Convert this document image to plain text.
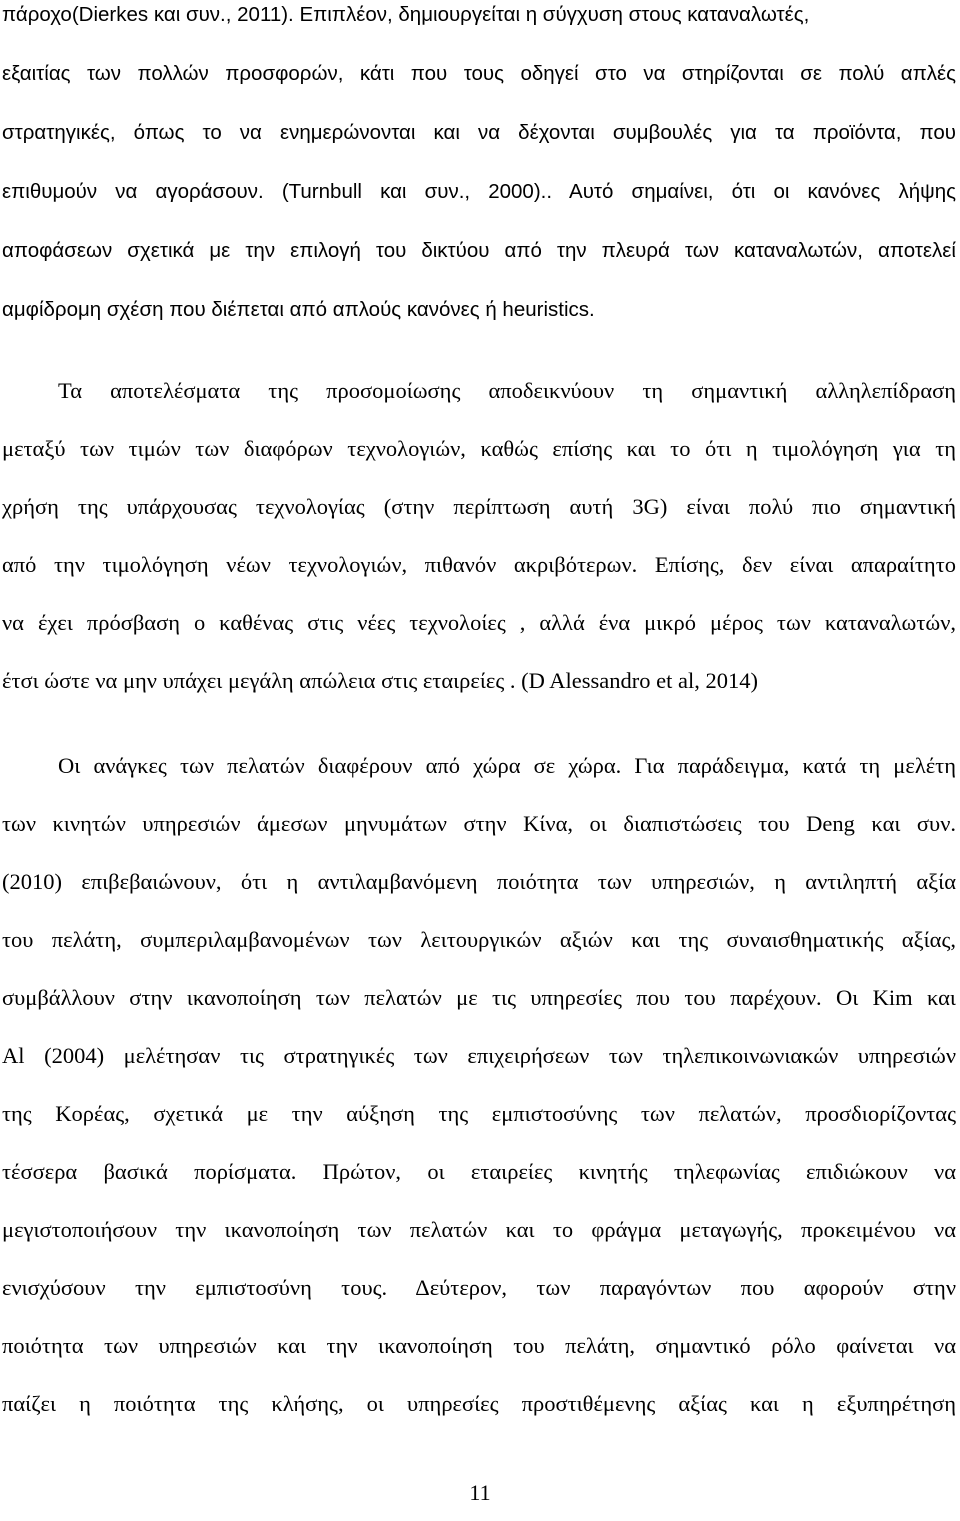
πάροχο(Dierkes και συν., 2011). Επιπλέον, δημιουργείται η σύγχυση στους καταναλωτές,
εξαιτίας των πολλών προσφορών, κάτι που τους οδηγεί στο να στηρίζονται σε πολύ απλές
στρατηγικές, όπως το να ενημερώνονται και να δέχονται συμβουλές για τα προϊόντα, που
επιθυμούν να αγοράσουν. (Turnbull και συν., 2000).. Αυτό σημαίνει, ότι οι κανόνες λήψης
αποφάσεων σχετικά με την επιλογή του δικτύου από την πλευρά των καταναλωτών, αποτελεί
αμφίδρομη σχέση που διέπεται από απλούς κανόνες ή heuristics.
Τα αποτελέσματα της προσομοίωσης αποδεικνύουν τη σημαντική αλληλεπίδραση
μεταξύ των τιμών των διαφόρων τεχνολογιών, καθώς επίσης και το ότι η τιμολόγηση για τη
χρήση της υπάρχουσας τεχνολογίας (στην περίπτωση αυτή 3G) είναι πολύ πιο σημαντική
από την τιμολόγηση νέων τεχνολογιών, πιθανόν ακριβότερων. Επίσης, δεν είναι απαραίτητο
να έχει πρόσβαση ο καθένας στις νέες τεχνολοίες , αλλά ένα μικρό μέρος των καταναλωτών,
έτσι ώστε να μην υπάχει μεγάλη απώλεια στις εταιρείες . (D Alessandro et al, 2014)
Οι ανάγκες των πελατών διαφέρουν από χώρα σε χώρα. Για παράδειγμα, κατά τη μελέτη
των κινητών υπηρεσιών άμεσων μηνυμάτων στην Κίνα, οι διαπιστώσεις του Deng και συν.
(2010) επιβεβαιώνουν, ότι η αντιλαμβανόμενη ποιότητα των υπηρεσιών, η αντιληπτή αξία
του πελάτη, συμπεριλαμβανομένων των λειτουργικών αξιών και της συναισθηματικής αξίας,
συμβάλλουν στην ικανοποίηση των πελατών με τις υπηρεσίες που του παρέχουν. Οι Kim και
Al (2004) μελέτησαν τις στρατηγικές των επιχειρήσεων των τηλεπικοινωνιακών υπηρεσιών
της Κορέας, σχετικά με την αύξηση της εμπιστοσύνης των πελατών, προσδιορίζοντας
τέσσερα βασικά πορίσματα. Πρώτον, οι εταιρείες κινητής τηλεφωνίας επιδιώκουν να
μεγιστοποιήσουν την ικανοποίηση των πελατών και το φράγμα μεταγωγής, προκειμένου να
ενισχύσουν την εμπιστοσύνη τους. Δεύτερον, των παραγόντων που αφορούν στην
ποιότητα των υπηρεσιών και την ικανοποίηση του πελάτη, σημαντικό ρόλο φαίνεται να
παίζει η ποιότητα της κλήσης, οι υπηρεσίες προστιθέμενης αξίας και η εξυπηρέτηση
11
